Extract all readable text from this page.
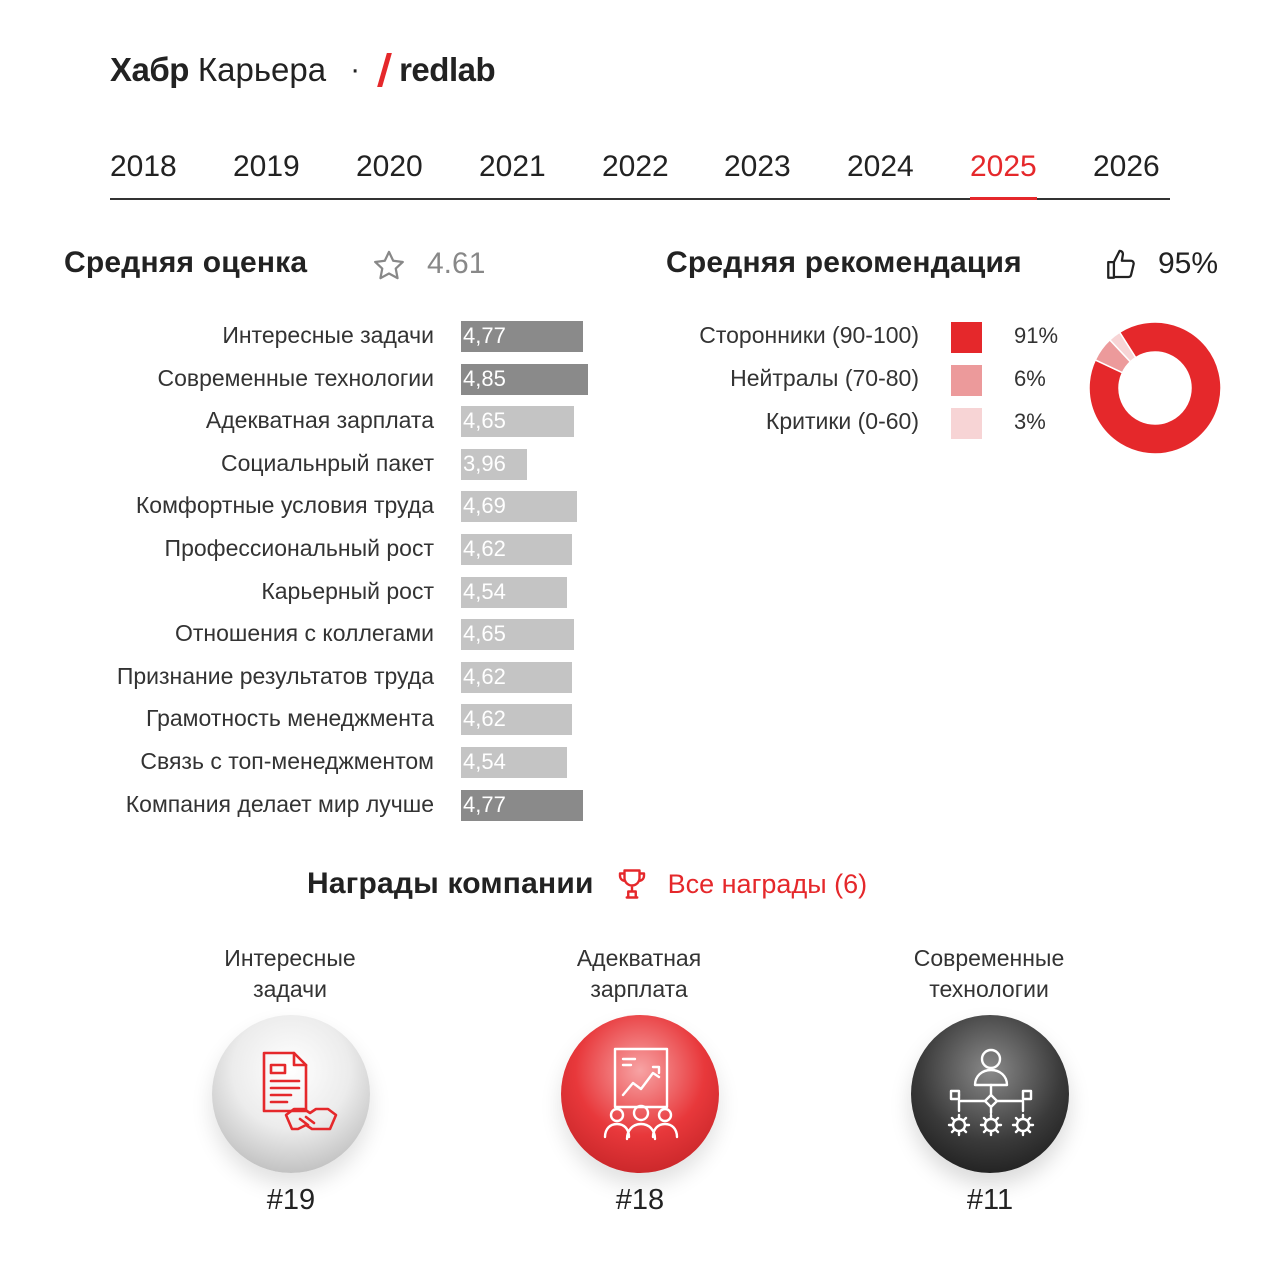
Хабр Карьера · redlab
2018 2019 2020 2021 2022 2023 2024 2025 2026
Средняя оценка	4.61
Интересные задачи 4,77
Современные технологии 4,85
Адекватная зарплата 4,65
Социальнрый пакет 3,96
Комфортные условия труда 4,69
Профессиональный рост 4,62
Карьерный рост 4,54
Отношения с коллегами 4,65
Признание результатов труда 4,62
Грамотность менеджмента 4,62
Связь с топ-менеджментом 4,54
Компания делает мир лучше 4,77
Средняя рекомендация	95%
Сторонники (90-100)	91%
Нейтралы (70-80)	6%
Критики (0-60)	3%
Награды компании	Все награды (6)
Интересные
задачи
#19
Адекватная
зарплата
#18
Современные
технологии
#11
